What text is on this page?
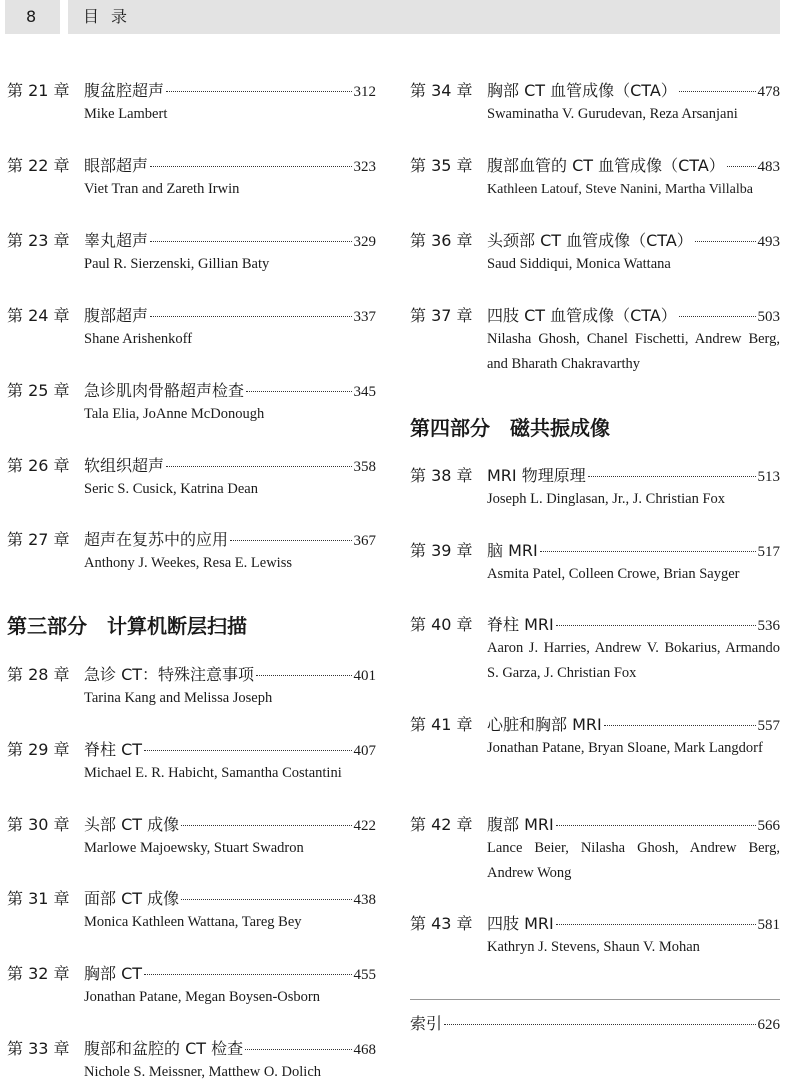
8	目录
第 21 章 腹盆腔超声	312
Mike Lambert
第 22 章 眼部超声	323
Viet Tran and Zareth Irwin
第 23 章 睾丸超声	329
Paul R. Sierzenski, Gillian Baty
第 24 章 腹部超声	337
Shane Arishenkoff
第 25 章 急诊肌肉骨骼超声检查	345
Tala Elia, JoAnne McDonough
第 26 章 软组织超声	358
Seric S. Cusick, Katrina Dean
第 27 章 超声在复苏中的应用	367
Anthony J. Weekes, Resa E. Lewiss
第三部分　计算机断层扫描
第 28 章 急诊 CT：特殊注意事项	401
Tarina Kang and Melissa Joseph
第 29 章 脊柱 CT	407
Michael E. R. Habicht, Samantha Costantini
第 30 章 头部 CT 成像	422
Marlowe Majoewsky, Stuart Swadron
第 31 章 面部 CT 成像	438
Monica Kathleen Wattana, Tareg Bey
第 32 章 胸部 CT	455
Jonathan Patane, Megan Boysen-Osborn
第 33 章 腹部和盆腔的 CT 检查	468
Nichole S. Meissner, Matthew O. Dolich
第 34 章 胸部 CT 血管成像（CTA）	478
Swaminatha V. Gurudevan, Reza Arsanjani
第 35 章 腹部血管的 CT 血管成像（CTA） 483
Kathleen Latouf, Steve Nanini, Martha Villalba
第 36 章 头颈部 CT 血管成像（CTA）	493
Saud Siddiqui, Monica Wattana
第 37 章 四肢 CT 血管成像（CTA）	503
Nilasha Ghosh, Chanel Fischetti, Andrew Berg, and Bharath Chakravarthy
第四部分　磁共振成像
第 38 章 MRI 物理原理	513
Joseph L. Dinglasan, Jr., J. Christian Fox
第 39 章 脑 MRI	517
Asmita Patel, Colleen Crowe, Brian Sayger
第 40 章 脊柱 MRI	536
Aaron J. Harries, Andrew V. Bokarius, Armando S. Garza, J. Christian Fox
第 41 章 心脏和胸部 MRI	557
Jonathan Patane, Bryan Sloane, Mark Langdorf
第 42 章 腹部 MRI	566
Lance Beier, Nilasha Ghosh, Andrew Berg, Andrew Wong
第 43 章 四肢 MRI	581
Kathryn J. Stevens, Shaun V. Mohan
索引	626
